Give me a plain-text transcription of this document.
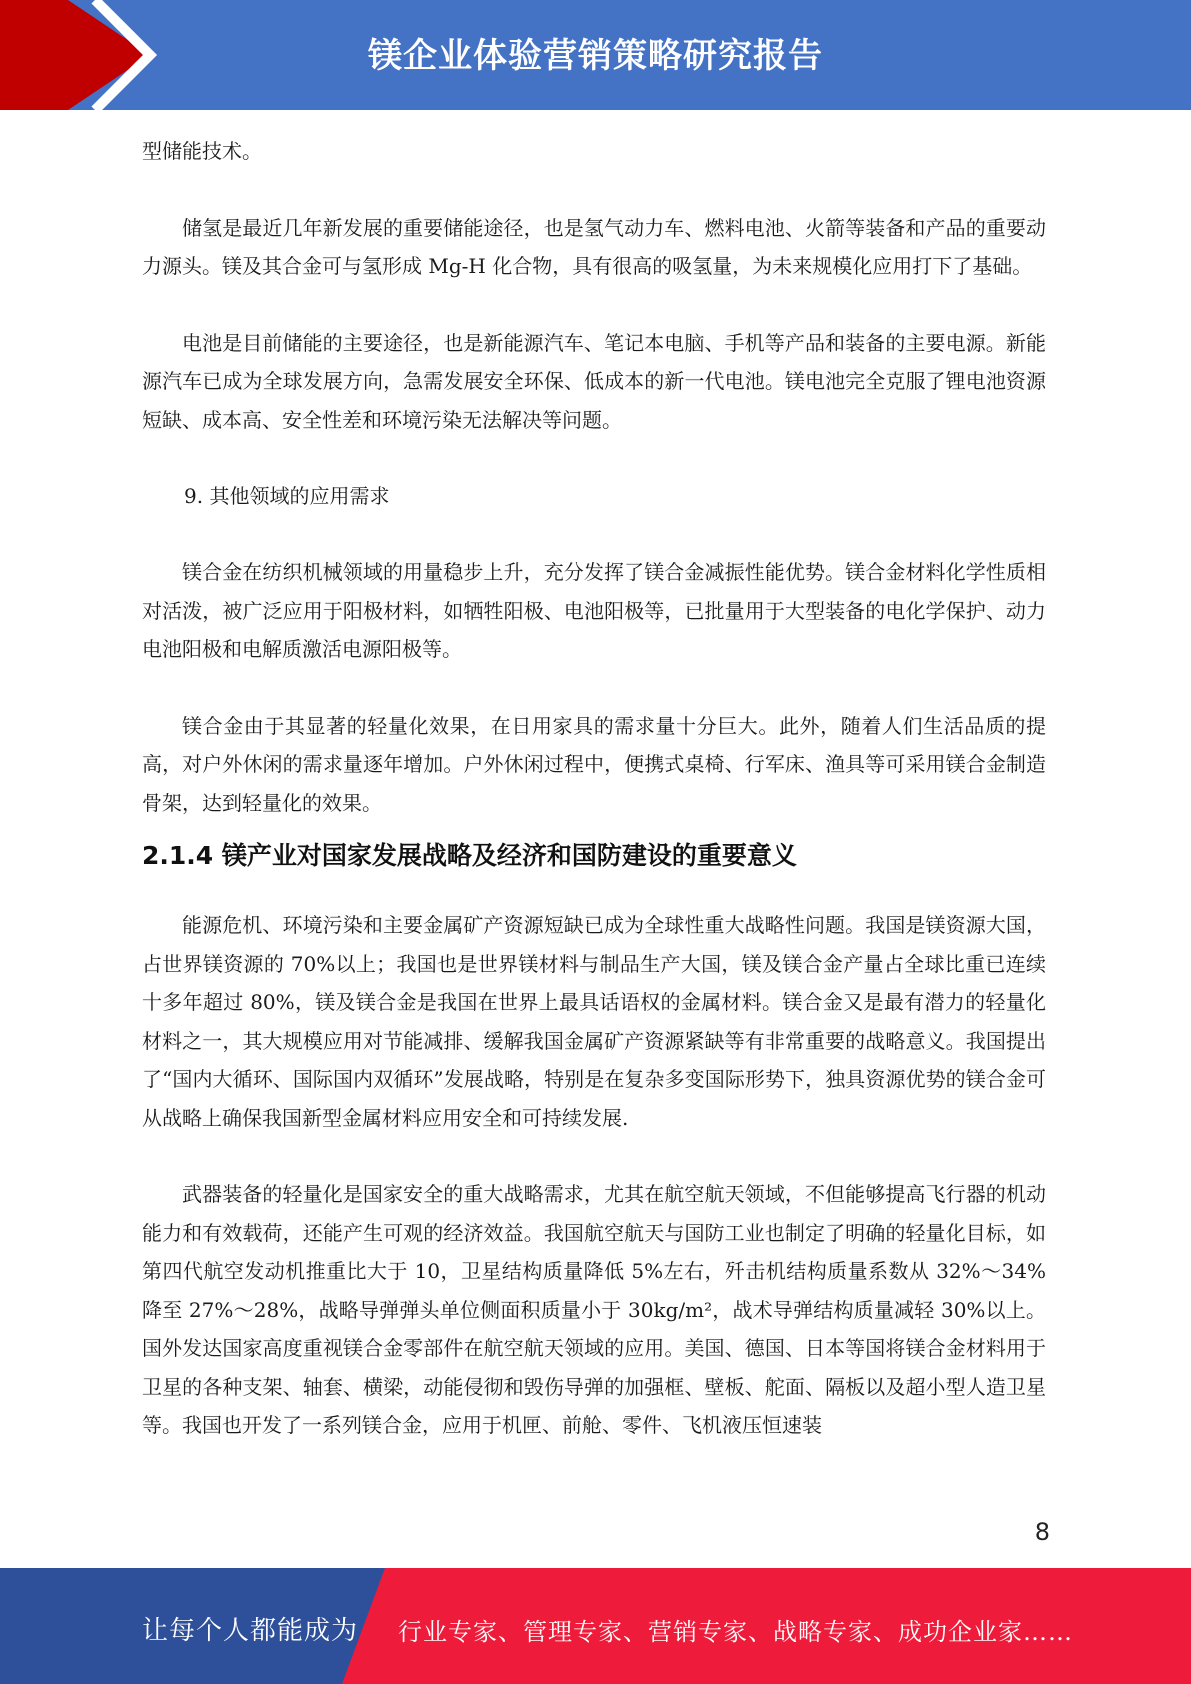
镁企业体验营销策略研究报告

型储能技术。

储氢是最近几年新发展的重要储能途径，也是氢气动力车、燃料电池、火箭等装备和产品的重要动力源头。镁及其合金可与氢形成 Mg-H 化合物，具有很高的吸氢量，为未来规模化应用打下了基础。

电池是目前储能的主要途径，也是新能源汽车、笔记本电脑、手机等产品和装备的主要电源。新能源汽车已成为全球发展方向，急需发展安全环保、低成本的新一代电池。镁电池完全克服了锂电池资源短缺、成本高、安全性差和环境污染无法解决等问题。

9. 其他领域的应用需求

镁合金在纺织机械领域的用量稳步上升，充分发挥了镁合金减振性能优势。镁合金材料化学性质相对活泼，被广泛应用于阳极材料，如牺牲阳极、电池阳极等，已批量用于大型装备的电化学保护、动力电池阳极和电解质激活电源阳极等。

镁合金由于其显著的轻量化效果，在日用家具的需求量十分巨大。此外，随着人们生活品质的提高，对户外休闲的需求量逐年增加。户外休闲过程中，便携式桌椅、行军床、渔具等可采用镁合金制造骨架，达到轻量化的效果。

2.1.4 镁产业对国家发展战略及经济和国防建设的重要意义

能源危机、环境污染和主要金属矿产资源短缺已成为全球性重大战略性问题。我国是镁资源大国，占世界镁资源的 70%以上；我国也是世界镁材料与制品生产大国，镁及镁合金产量占全球比重已连续十多年超过 80%，镁及镁合金是我国在世界上最具话语权的金属材料。镁合金又是最有潜力的轻量化材料之一，其大规模应用对节能减排、缓解我国金属矿产资源紧缺等有非常重要的战略意义。我国提出了“国内大循环、国际国内双循环”发展战略，特别是在复杂多变国际形势下，独具资源优势的镁合金可从战略上确保我国新型金属材料应用安全和可持续发展.

武器装备的轻量化是国家安全的重大战略需求，尤其在航空航天领域，不但能够提高飞行器的机动能力和有效载荷，还能产生可观的经济效益。我国航空航天与国防工业也制定了明确的轻量化目标，如第四代航空发动机推重比大于 10，卫星结构质量降低 5%左右，歼击机结构质量系数从 32%～34% 降至 27%～28%，战略导弹弹头单位侧面积质量小于 30kg/m²，战术导弹结构质量减轻 30%以上。国外发达国家高度重视镁合金零部件在航空航天领域的应用。美国、德国、日本等国将镁合金材料用于卫星的各种支架、轴套、横梁，动能侵彻和毁伤导弹的加强框、壁板、舵面、隔板以及超小型人造卫星等。我国也开发了一系列镁合金，应用于机匣、前舱、零件、飞机液压恒速装

8
让每个人都能成为 行业专家、管理专家、营销专家、战略专家、成功企业家……
